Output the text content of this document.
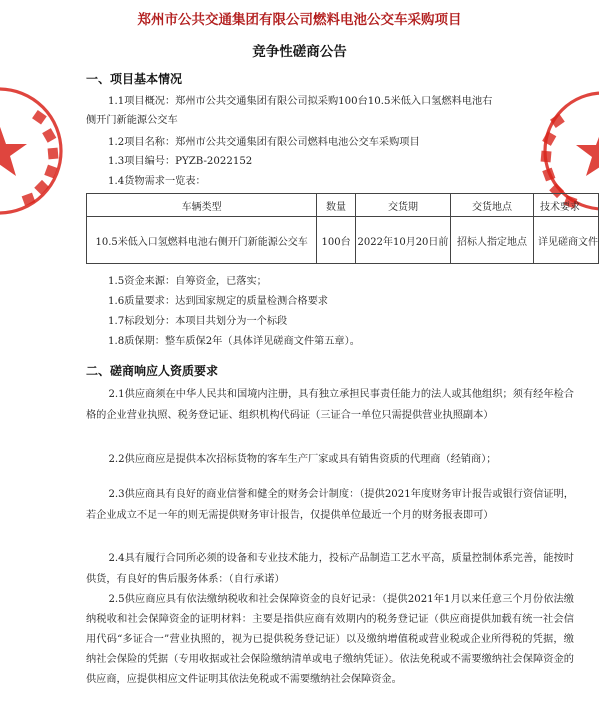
郑州市公共交通集团有限公司燃料电池公交车采购项目
竞争性磋商公告
一、项目基本情况
1.1项目概况：郑州市公共交通集团有限公司拟采购100台10.5米低入口氢燃料电池右
侧开门新能源公交车
1.2项目名称：郑州市公共交通集团有限公司燃料电池公交车采购项目
1.3项目编号：PYZB-2022152
1.4货物需求一览表：
车辆类型	数量	交货期	交货地点	技术要求
10.5米低入口氢燃料电池右侧开门新能源公交车	100台	2022年10月20日前	招标人指定地点	详见磋商文件
1.5资金来源：自筹资金，已落实；
1.6质量要求：达到国家规定的质量检测合格要求
1.7标段划分：本项目共划分为一个标段
1.8质保期：整车质保2年（具体详见磋商文件第五章）。
二、磋商响应人资质要求
2.1供应商须在中华人民共和国境内注册，具有独立承担民事责任能力的法人或其他组织；须有经年检合格的企业营业执照、税务登记证、组织机构代码证（三证合一单位只需提供营业执照副本）
2.2供应商应是提供本次招标货物的客车生产厂家或具有销售资质的代理商（经销商）；
2.3供应商具有良好的商业信誉和健全的财务会计制度：（提供2021年度财务审计报告或银行资信证明，若企业成立不足一年的则无需提供财务审计报告，仅提供单位最近一个月的财务报表即可）
2.4具有履行合同所必须的设备和专业技术能力，投标产品制造工艺水平高，质量控制体系完善，能按时供货，有良好的售后服务体系：（自行承诺）
2.5供应商应具有依法缴纳税收和社会保障资金的良好记录：（提供2021年1月以来任意三个月份依法缴纳税收和社会保障资金的证明材料：主要是指供应商有效期内的税务登记证（供应商提供加载有统一社会信用代码“多证合一”营业执照的，视为已提供税务登记证）以及缴纳增值税或营业税或企业所得税的凭据，缴纳社会保险的凭据（专用收据或社会保险缴纳清单或电子缴纳凭证）。依法免税或不需要缴纳社会保障资金的供应商，应提供相应文件证明其依法免税或不需要缴纳社会保障资金。
